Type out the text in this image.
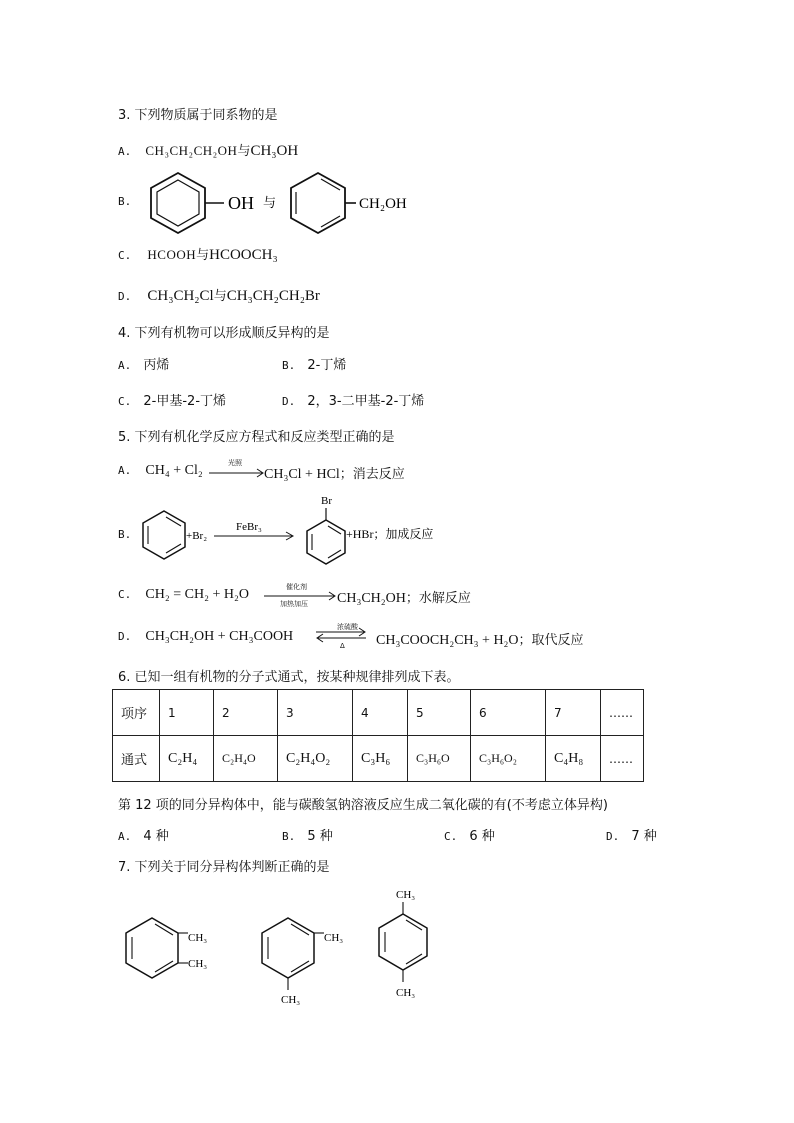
3. 下列物质属于同系物的是
A. CH₃CH₂CH₂OH与CH₃OH
B.	OH 与	CH₂OH
C. HCOOH与HCOOCH₃
D. CH₃CH₂Cl与CH₃CH₂CH₂Br
4. 下列有机物可以形成顺反异构的是
A. 丙烯	B. 2-丁烯
C. 2-甲基-2-丁烯	D. 2，3-二甲基-2-丁烯
5. 下列有机化学反应方程式和反应类型正确的是
A. CH₄ + Cl₂	光照
CH₃Cl + HCl；消去反应
B.	+Br₂
FeBr₃
Br
+HBr；加成反应
C. CH₂ = CH₂ + H₂O	催化剂
加热加压 CH₃CH₂OH；水解反应
D. CH₃CH₂OH + CH₃COOH
浓硫酸
Δ CH₃COOCH₂CH₃ + H₂O；取代反应
6. 已知一组有机物的分子式通式，按某种规律排列成下表。
项序	1	2	3	4	5	6	7	……
通式	C₂H₄	C₂H₄O	C₂H₄O₂	C₃H₆	C₃H₆O	C₃H₆O₂	C₄H₈	……
第 12 项的同分异构体中，能与碳酸氢钠溶液反应生成二氧化碳的有(不考虑立体异构)
A. 4 种	B. 5 种	C. 6 种	D. 7 种
7. 下列关于同分异构体判断正确的是
CH₃
CH₃
CH₃
CH₃
CH₃
CH₃
